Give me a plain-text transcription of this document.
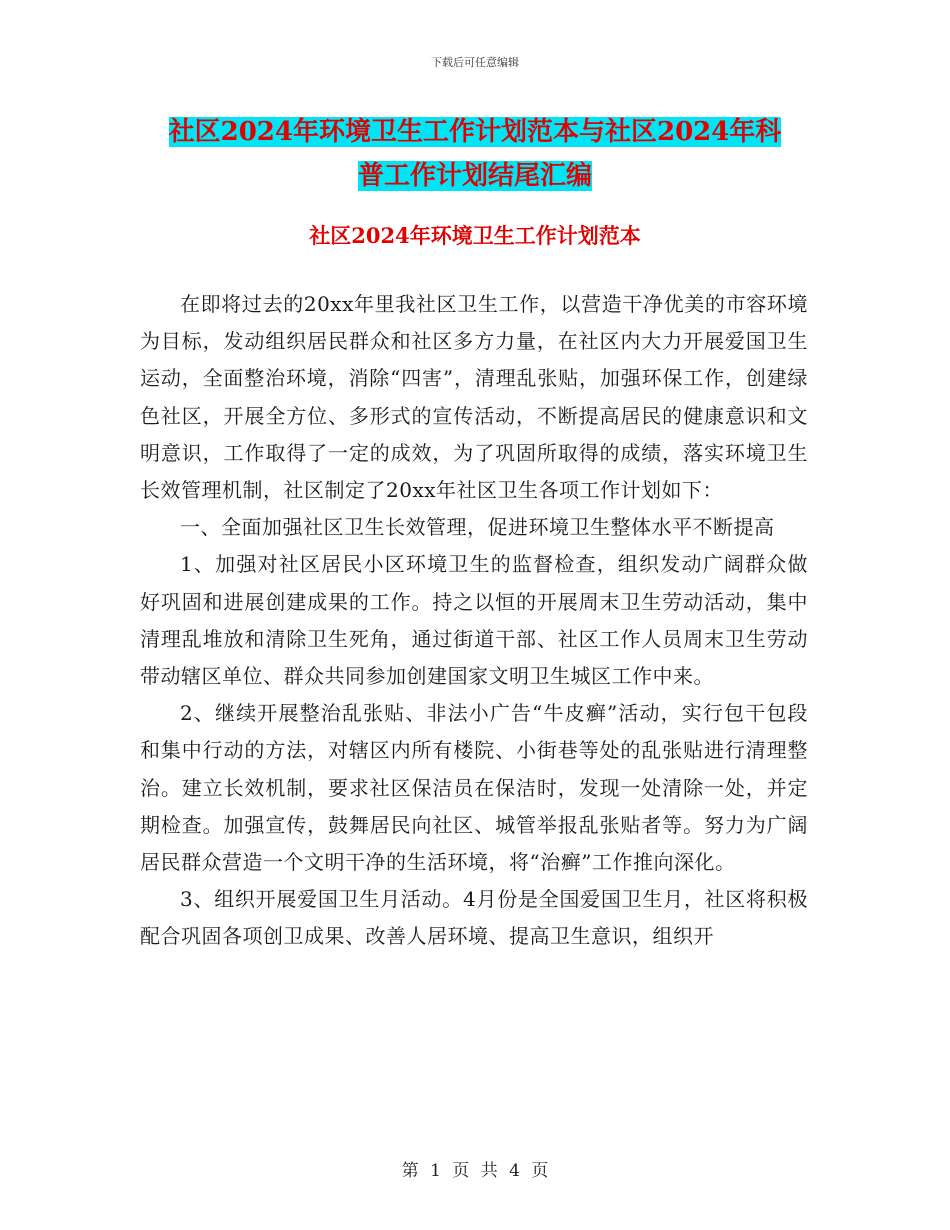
下载后可任意编辑
社区2024年环境卫生工作计划范本与社区2024年科
普工作计划结尾汇编
社区2024年环境卫生工作计划范本

在即将过去的20xx年里我社区卫生工作，以营造干净优美的市容环境为目标，发动组织居民群众和社区多方力量，在社区内大力开展爱国卫生运动，全面整治环境，消除“四害”，清理乱张贴，加强环保工作，创建绿色社区，开展全方位、多形式的宣传活动，不断提高居民的健康意识和文明意识，工作取得了一定的成效，为了巩固所取得的成绩，落实环境卫生长效管理机制，社区制定了20xx年社区卫生各项工作计划如下：

一、全面加强社区卫生长效管理，促进环境卫生整体水平不断提高

1、加强对社区居民小区环境卫生的监督检查，组织发动广阔群众做好巩固和进展创建成果的工作。持之以恒的开展周末卫生劳动活动，集中清理乱堆放和清除卫生死角，通过街道干部、社区工作人员周末卫生劳动带动辖区单位、群众共同参加创建国家文明卫生城区工作中来。

2、继续开展整治乱张贴、非法小广告“牛皮癣”活动，实行包干包段和集中行动的方法，对辖区内所有楼院、小街巷等处的乱张贴进行清理整治。建立长效机制，要求社区保洁员在保洁时，发现一处清除一处，并定期检查。加强宣传，鼓舞居民向社区、城管举报乱张贴者等。努力为广阔居民群众营造一个文明干净的生活环境，将“治癣”工作推向深化。

3、组织开展爱国卫生月活动。4月份是全国爱国卫生月，社区将积极配合巩固各项创卫成果、改善人居环境、提高卫生意识，组织开

第 1 页 共 4 页
